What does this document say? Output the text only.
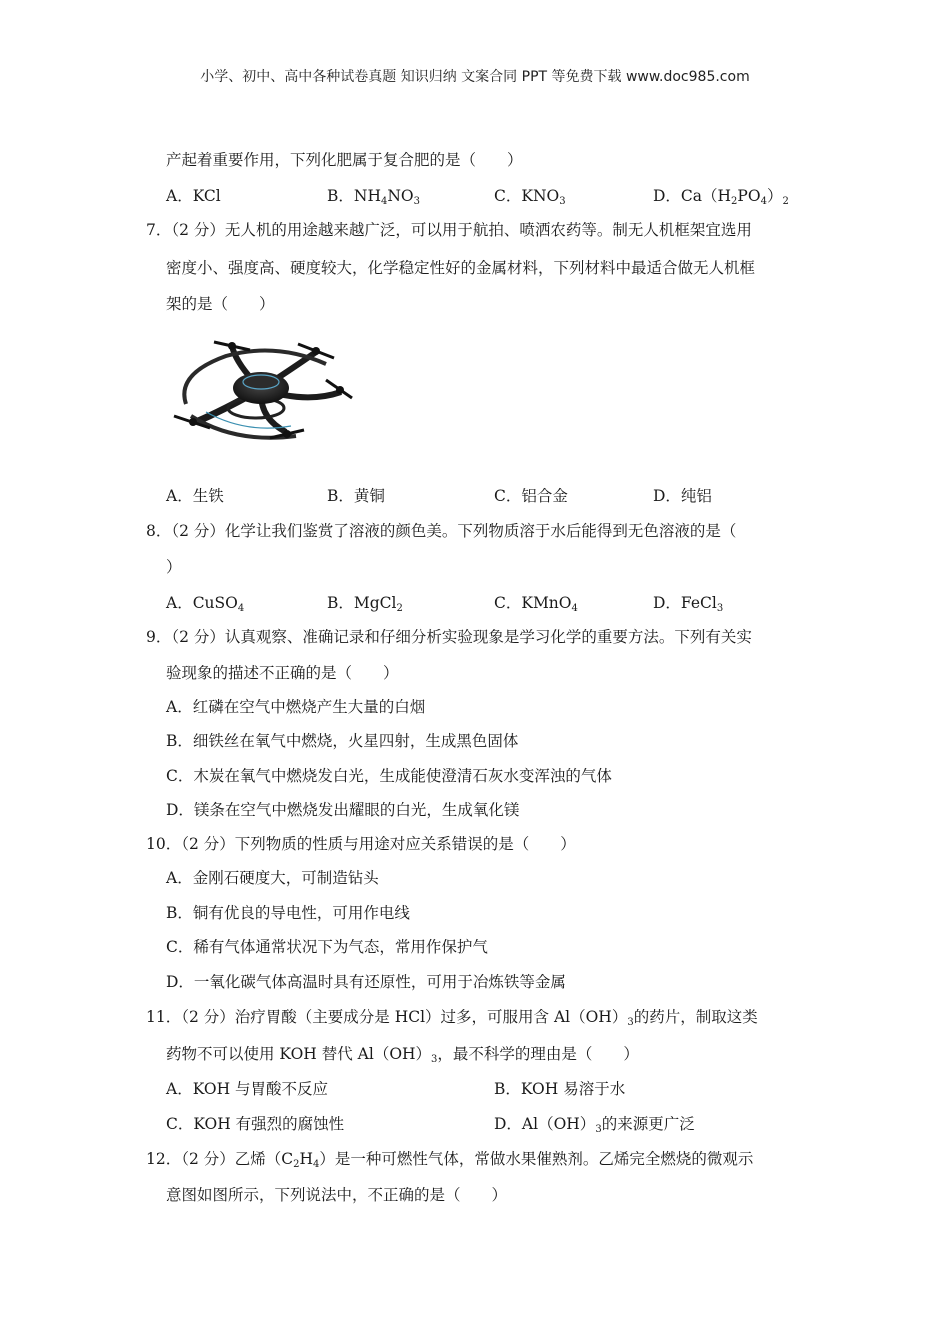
小学、初中、高中各种试卷真题 知识归纳 文案合同 PPT 等免费下载 www.doc985.com
产起着重要作用，下列化肥属于复合肥的是（　　）
A．KCl	B．$NH_4NO_3$	C．$KNO_3$	D．$Ca(H_2PO_4)_2$
7．（2 分）无人机的用途越来越广泛，可以用于航拍、喷洒农药等。制无人机框架宜选用
密度小、强度高、硬度较大，化学稳定性好的金属材料，下列材料中最适合做无人机框
架的是（　　）
A．生铁	B．黄铜	C．铝合金	D．纯铝
8．（2 分）化学让我们鉴赏了溶液的颜色美。下列物质溶于水后能得到无色溶液的是（
）
A．CuSO$_4$	B．MgCl$_2$	C．KMnO$_4$	D．FeCl$_3$
9．（2 分）认真观察、准确记录和仔细分析实验现象是学习化学的重要方法。下列有关实
验现象的描述不正确的是（　　）
A．红磷在空气中燃烧产生大量的白烟
B．细铁丝在氧气中燃烧，火星四射，生成黑色固体
C．木炭在氧气中燃烧发白光，生成能使澄清石灰水变浑浊的气体
D．镁条在空气中燃烧发出耀眼的白光，生成氧化镁
10．（2 分）下列物质的性质与用途对应关系错误的是（　　）
A．金刚石硬度大，可制造钻头
B．铜有优良的导电性，可用作电线
C．稀有气体通常状况下为气态，常用作保护气
D．一氧化碳气体高温时具有还原性，可用于冶炼铁等金属
11．（2 分）治疗胃酸（主要成分是 HCl）过多，可服用含 $Al(OH)_3$的药片，制取这类
药物不可以使用 KOH 替代 $Al(OH)_3$，最不科学的理由是（　　）
A．KOH 与胃酸不反应	B．KOH 易溶于水
C．KOH 有强烈的腐蚀性	D．$Al(OH)_3$的来源更广泛
12．（2 分）乙烯$(C_2H_4)$是一种可燃性气体，常做水果催熟剂。乙烯完全燃烧的微观示
意图如图所示，下列说法中，不正确的是（　　）
